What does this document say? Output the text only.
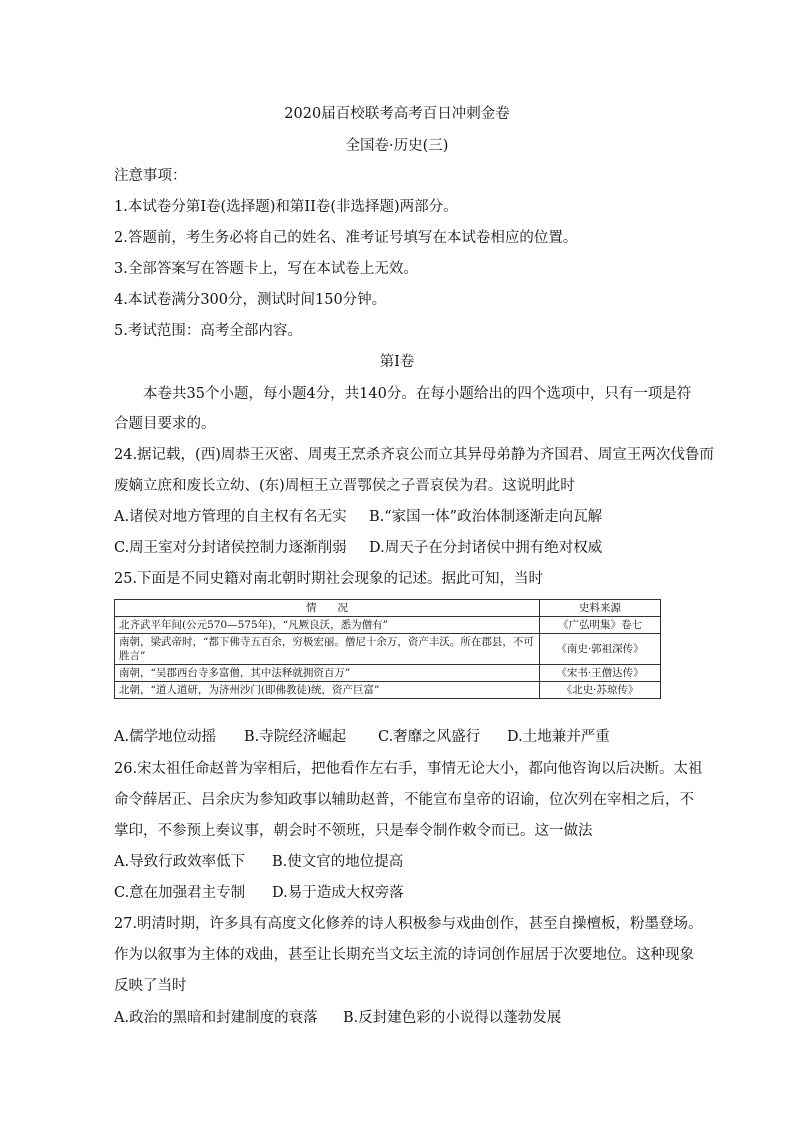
2020届百校联考高考百日冲刺金卷
全国卷·历史(三)
注意事项：
1.本试卷分第I卷(选择题)和第II卷(非选择题)两部分。
2.答题前，考生务必将自己的姓名、准考证号填写在本试卷相应的位置。
3.全部答案写在答题卡上，写在本试卷上无效。
4.本试卷满分300分，测试时间150分钟。
5.考试范围：高考全部内容。
第I卷
本卷共35个小题，每小题4分，共140分。在每小题给出的四个选项中，只有一项是符
合题目要求的。
24.据记载，(西)周恭王灭密、周夷王烹杀齐哀公而立其异母弟静为齐国君、周宣王两次伐鲁而
废嫡立庶和废长立幼、(东)周桓王立晋鄂侯之子晋哀侯为君。这说明此时
A.诸侯对地方管理的自主权有名无实 B.“家国一体”政治体制逐渐走向瓦解
C.周王室对分封诸侯控制力逐渐削弱 D.周天子在分封诸侯中拥有绝对权威
25.下面是不同史籍对南北朝时期社会现象的记述。据此可知，当时
情　　况	史料来源
北齐武平年间(公元570—575年)，“凡厥良沃，悉为僧有”	《广弘明集》卷七
南朝，梁武帝时，“都下佛寺五百余，穷极宏丽。僧尼十余万，资产丰沃。所在郡县，不可胜言”	《南史·郭祖深传》
南朝，“吴郡西台寺多富僧，其中法释就拥资百万”	《宋书·王僧达传》
北朝，“道人道研，为济州沙门(即佛教徒)统，资产巨富”	《北史·苏琼传》
A.儒学地位动摇 B.寺院经济崛起 C.奢靡之风盛行 D.土地兼并严重
26.宋太祖任命赵普为宰相后，把他看作左右手，事情无论大小，都向他咨询以后决断。太祖
命令薛居正、吕余庆为参知政事以辅助赵普，不能宣布皇帝的诏谕，位次列在宰相之后，不
掌印，不参预上奏议事，朝会时不领班，只是奉令制作敕令而已。这一做法
A.导致行政效率低下 B.使文官的地位提高
C.意在加强君主专制 D.易于造成大权旁落
27.明清时期，许多具有高度文化修养的诗人积极参与戏曲创作，甚至自操檀板，粉墨登场。
作为以叙事为主体的戏曲，甚至让长期充当文坛主流的诗词创作屈居于次要地位。这种现象
反映了当时
A.政治的黑暗和封建制度的衰落 B.反封建色彩的小说得以蓬勃发展
